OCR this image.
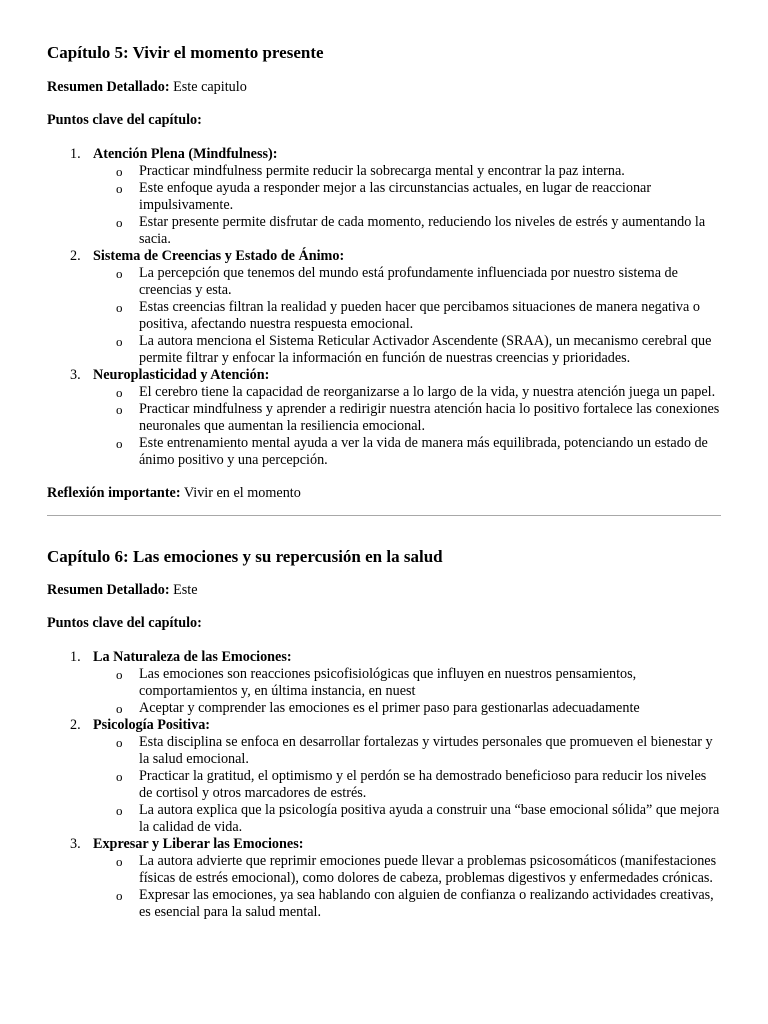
Capítulo 5: Vivir el momento presente

Resumen Detallado: Este capitulo

Puntos clave del capítulo:

Atención Plena (Mindfulness):
o Practicar mindfulness permite reducir la sobrecarga mental y encontrar la paz interna.
o Este enfoque ayuda a responder mejor a las circunstancias actuales, en lugar de reaccionar impulsivamente.
o Estar presente permite disfrutar de cada momento, reduciendo los niveles de estrés y aumentando la sacia.
Sistema de Creencias y Estado de Ánimo:
o La percepción que tenemos del mundo está profundamente influenciada por nuestro sistema de creencias y esta.
o Estas creencias filtran la realidad y pueden hacer que percibamos situaciones de manera negativa o positiva, afectando nuestra respuesta emocional.
o La autora menciona el Sistema Reticular Activador Ascendente (SRAA), un mecanismo cerebral que permite filtrar y enfocar la información en función de nuestras creencias y prioridades.
Neuroplasticidad y Atención:
o El cerebro tiene la capacidad de reorganizarse a lo largo de la vida, y nuestra atención juega un papel.
o Practicar mindfulness y aprender a redirigir nuestra atención hacia lo positivo fortalece las conexiones neuronales que aumentan la resiliencia emocional.
o Este entrenamiento mental ayuda a ver la vida de manera más equilibrada, potenciando un estado de ánimo positivo y una percepción.

Reflexión importante: Vivir en el momento

Capítulo 6: Las emociones y su repercusión en la salud

Resumen Detallado: Este

Puntos clave del capítulo:

La Naturaleza de las Emociones:
o Las emociones son reacciones psicofisiológicas que influyen en nuestros pensamientos, comportamientos y, en última instancia, en nuest
o Aceptar y comprender las emociones es el primer paso para gestionarlas adecuadamente
Psicología Positiva:
o Esta disciplina se enfoca en desarrollar fortalezas y virtudes personales que promueven el bienestar y la salud emocional.
o Practicar la gratitud, el optimismo y el perdón se ha demostrado beneficioso para reducir los niveles de cortisol y otros marcadores de estrés.
o La autora explica que la psicología positiva ayuda a construir una “base emocional sólida” que mejora la calidad de vida.
Expresar y Liberar las Emociones:
o La autora advierte que reprimir emociones puede llevar a problemas psicosomáticos (manifestaciones físicas de estrés emocional), como dolores de cabeza, problemas digestivos y enfermedades crónicas.
o Expresar las emociones, ya sea hablando con alguien de confianza o realizando actividades creativas, es esencial para la salud mental.
